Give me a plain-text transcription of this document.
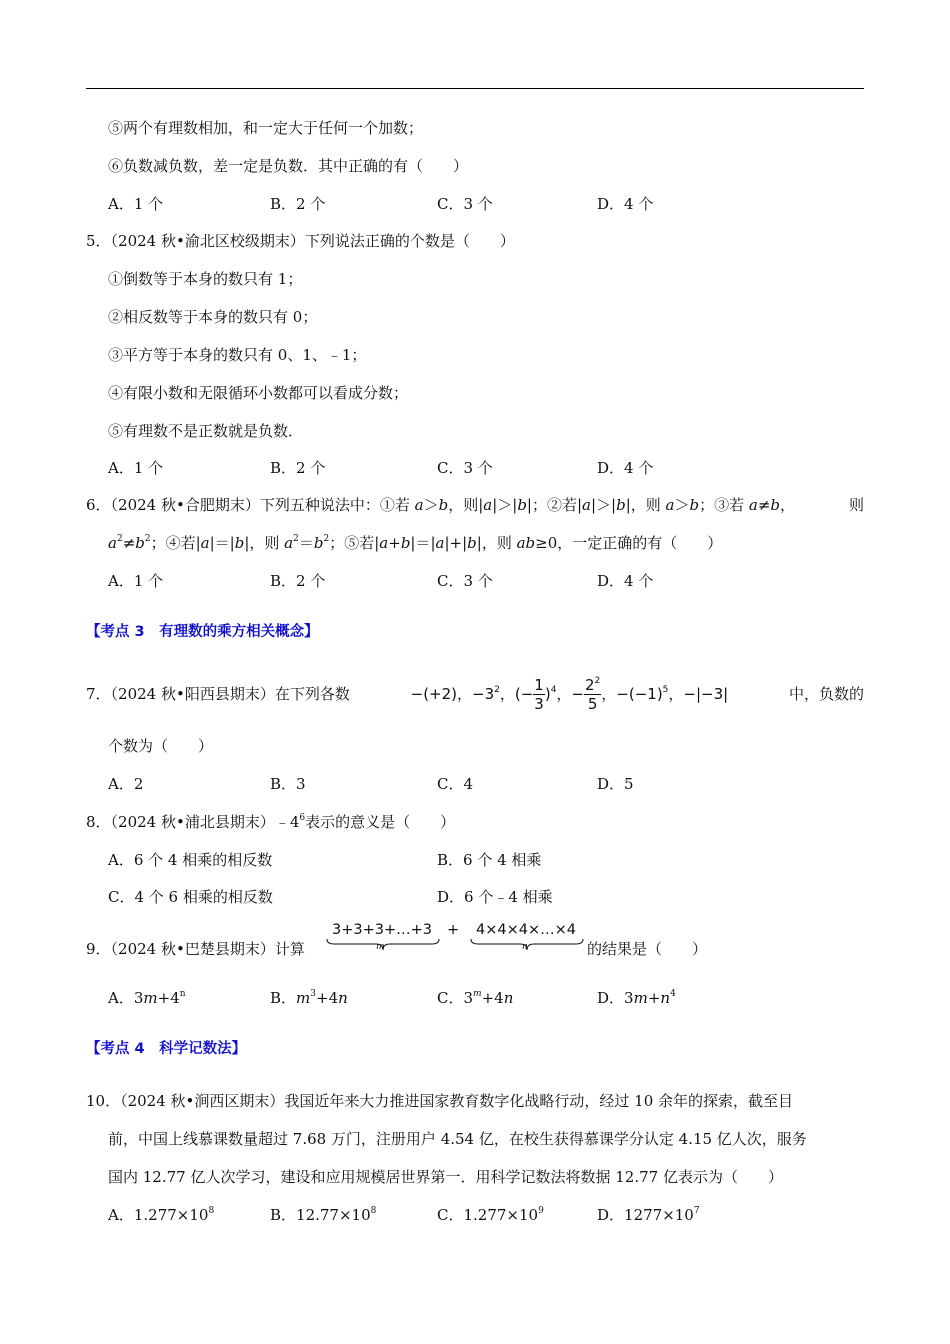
⑤两个有理数相加，和一定大于任何一个加数；
⑥负数减负数，差一定是负数．其中正确的有（　　）
A．1 个	B．2 个	C．3 个	D．4 个
5．（2024 秋•渝北区校级期末）下列说法正确的个数是（　　）
①倒数等于本身的数只有 1；
②相反数等于本身的数只有 0；
③平方等于本身的数只有 0、1、﹣1；
④有限小数和无限循环小数都可以看成分数；
⑤有理数不是正数就是负数．
A．1 个	B．2 个	C．3 个	D．4 个
6．（2024 秋•合肥期末）下列五种说法中：①若 a＞b，则|a|＞|b|；②若|a|＞|b|，则 a＞b；③若 a≠b，	则
$a^2\ne b^2$；④若|a|＝|b|，则 $a^2=b^2$；⑤若|a+b|＝|a|+|b|，则 ab≥0，一定正确的有（　　）
A．1 个	B．2 个	C．3 个	D．4 个
【考点 3　有理数的乘方相关概念】
7．（2024 秋•阳西县期末）在下列各数	−(+2)，$-3^2$，(− $\frac{1}{3} )^4$，− $\frac{2^2}{5}$ ，$-(-1)^5$，−|−3|	中，负数的
个数为（　　）
A．2	B．3	C．4	D．5
8．（2024 秋•浦北县期末）$﹣4^6$表示的意义是（　　）
A．6 个 4 相乘的相反数	B．6 个 4 相乘
C．4 个 6 相乘的相反数	D．6 个﹣4 相乘
9．（2024 秋•巴楚县期末）计算
3+3+3+…+3
m
+	4×4×4×…×4
n	的结果是（　　）
A．$3m+4^n$	B．$m^3+4n$	C．$3^m+4n$	D．$3m+n^4$
【考点 4　科学记数法】
10．（2024 秋•涧西区期末）我国近年来大力推进国家教育数字化战略行动，经过 10 余年的探索，截至目
前，中国上线慕课数量超过 7.68 万门，注册用户 4.54 亿，在校生获得慕课学分认定 4.15 亿人次，服务
国内 12.77 亿人次学习，建设和应用规模居世界第一．用科学记数法将数据 12.77 亿表示为（　　）
A．$1.277\times 10^8$	B．$12.77\times 10^8$	C．$1.277\times 10^9$	D．$1277\times 10^7$
